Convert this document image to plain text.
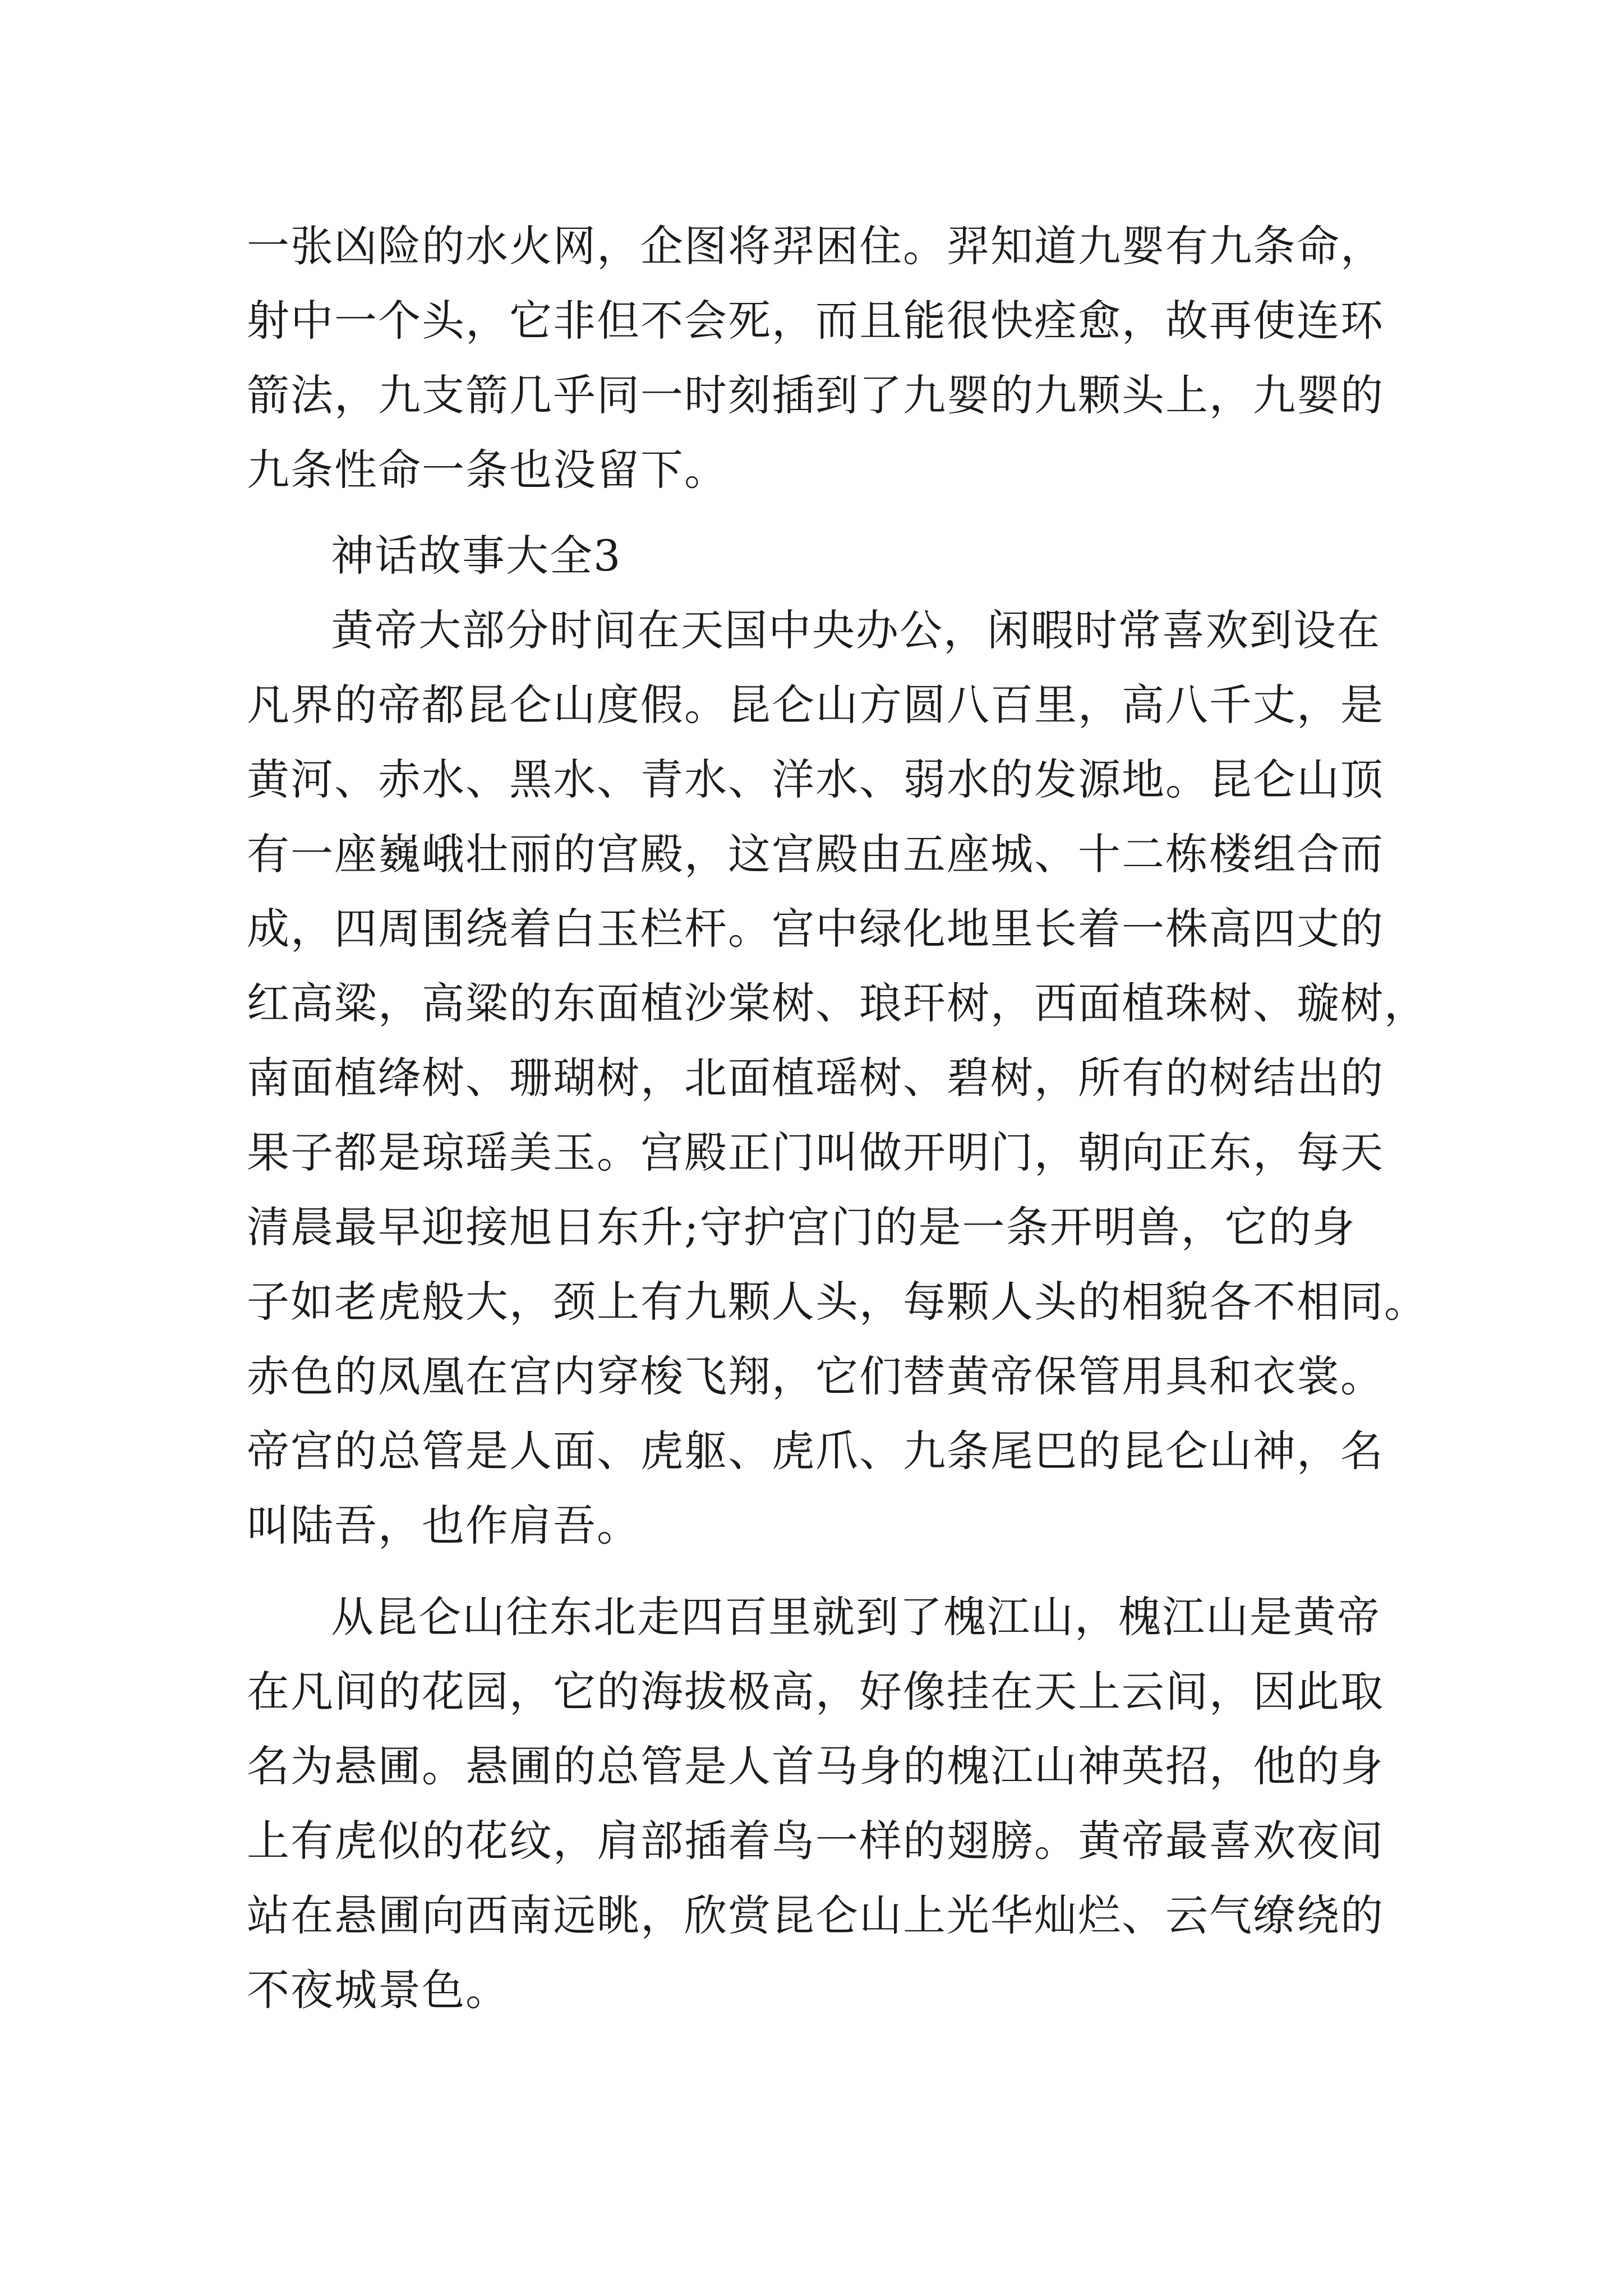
一张凶险的水火网，企图将羿困住。羿知道九婴有九条命，
射中一个头，它非但不会死，而且能很快痊愈，故再使连环
箭法，九支箭几乎同一时刻插到了九婴的九颗头上，九婴的
九条性命一条也没留下。
神话故事大全3
黄帝大部分时间在天国中央办公，闲暇时常喜欢到设在
凡界的帝都昆仑山度假。昆仑山方圆八百里，高八千丈，是
黄河、赤水、黑水、青水、洋水、弱水的发源地。昆仑山顶
有一座巍峨壮丽的宫殿，这宫殿由五座城、十二栋楼组合而
成，四周围绕着白玉栏杆。宫中绿化地里长着一株高四丈的
红高粱，高粱的东面植沙棠树、琅玕树，西面植珠树、璇树，
南面植绛树、珊瑚树，北面植瑶树、碧树，所有的树结出的
果子都是琼瑶美玉。宫殿正门叫做开明门，朝向正东，每天
清晨最早迎接旭日东升;守护宫门的是一条开明兽，它的身
子如老虎般大，颈上有九颗人头，每颗人头的相貌各不相同。
赤色的凤凰在宫内穿梭飞翔，它们替黄帝保管用具和衣裳。
帝宫的总管是人面、虎躯、虎爪、九条尾巴的昆仑山神，名
叫陆吾，也作肩吾。
从昆仑山往东北走四百里就到了槐江山，槐江山是黄帝
在凡间的花园，它的海拔极高，好像挂在天上云间，因此取
名为悬圃。悬圃的总管是人首马身的槐江山神英招，他的身
上有虎似的花纹，肩部插着鸟一样的翅膀。黄帝最喜欢夜间
站在悬圃向西南远眺，欣赏昆仑山上光华灿烂、云气缭绕的
不夜城景色。
